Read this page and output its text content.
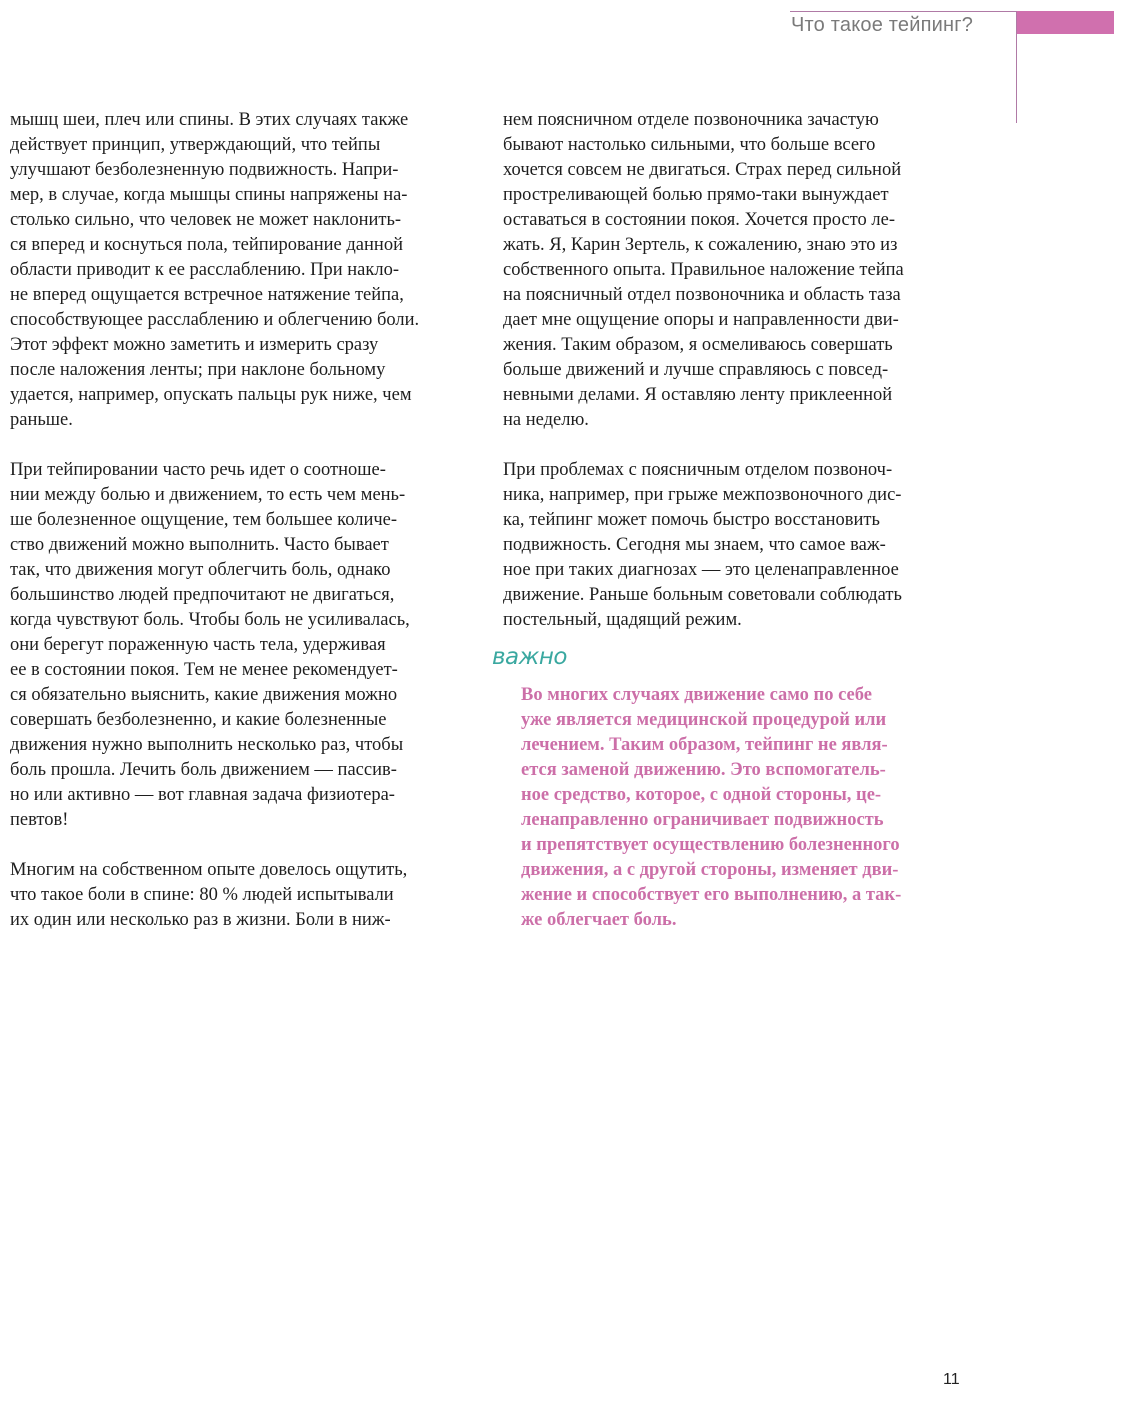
Что такое тейпинг?
мышц шеи, плеч или спины. В этих случаях также
действует принцип, утверждающий, что тейпы
улучшают безболезненную подвижность. Напри-
мер, в случае, когда мышцы спины напряжены на-
столько сильно, что человек не может наклонить-
ся вперед и коснуться пола, тейпирование данной
области приводит к ее расслаблению. При накло-
не вперед ощущается встречное натяжение тейпа,
способствующее расслаблению и облегчению боли.
Этот эффект можно заметить и измерить сразу
после наложения ленты; при наклоне больному
удается, например, опускать пальцы рук ниже, чем
раньше.
При тейпировании часто речь идет о соотноше-
нии между болью и движением, то есть чем мень-
ше болезненное ощущение, тем большее количе-
ство движений можно выполнить. Часто бывает
так, что движения могут облегчить боль, однако
большинство людей предпочитают не двигаться,
когда чувствуют боль. Чтобы боль не усиливалась,
они берегут пораженную часть тела, удерживая
ее в состоянии покоя. Тем не менее рекомендует-
ся обязательно выяснить, какие движения можно
совершать безболезненно, и какие болезненные
движения нужно выполнить несколько раз, чтобы
боль прошла. Лечить боль движением — пассив-
но или активно — вот главная задача физиотера-
певтов!
Многим на собственном опыте довелось ощутить,
что такое боли в спине: 80 % людей испытывали
их один или несколько раз в жизни. Боли в ниж-
нем поясничном отделе позвоночника зачастую
бывают настолько сильными, что больше всего
хочется совсем не двигаться. Страх перед сильной
простреливающей болью прямо-таки вынуждает
оставаться в состоянии покоя. Хочется просто ле-
жать. Я, Карин Зертель, к сожалению, знаю это из
собственного опыта. Правильное наложение тейпа
на поясничный отдел позвоночника и область таза
дает мне ощущение опоры и направленности дви-
жения. Таким образом, я осмеливаюсь совершать
больше движений и лучше справляюсь с повсед-
невными делами. Я оставляю ленту приклеенной
на неделю.
При проблемах с поясничным отделом позвоноч-
ника, например, при грыже межпозвоночного дис-
ка, тейпинг может помочь быстро восстановить
подвижность. Сегодня мы знаем, что самое важ-
ное при таких диагнозах — это целенаправленное
движение. Раньше больным советовали соблюдать
постельный, щадящий режим.
важно
Во многих случаях движение само по себе
уже является медицинской процедурой или
лечением. Таким образом, тейпинг не явля-
ется заменой движению. Это вспомогатель-
ное средство, которое, с одной стороны, це-
ленаправленно ограничивает подвижность
и препятствует осуществлению болезненного
движения, а с другой стороны, изменяет дви-
жение и способствует его выполнению, а так-
же облегчает боль.
11
